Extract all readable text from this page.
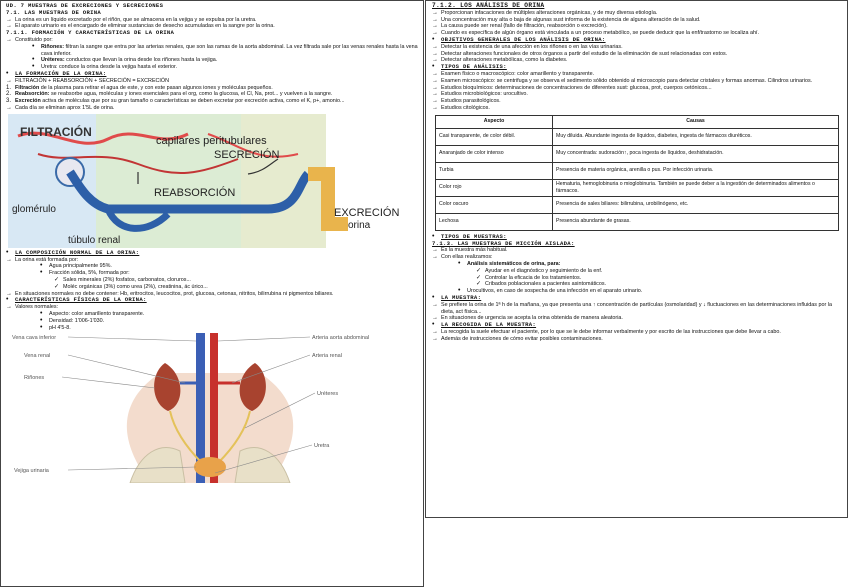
UD. 7 MUESTRAS DE EXCRECIONES Y SECRECIONES
7.1. LAS MUESTRAS DE ORINA
→ La orina es un líquido excretado por el riñón, que se almacena en la vejiga y se expulsa por la uretra.
→ El aparato urinario es el encargado de eliminar sustancias de desecho acumuladas en la sangre por la orina.
7.1.1. FORMACIÓN Y CARACTERÍSTICAS DE LA ORINA
→ Constituido por:
•	Riñones: filtran la sangre que entra por las arterias renales, que son las ramas de la aorta abdominal. La vez filtrada sale por las venas renales hasta la vena cava inferior.
•	Uréteres: conductos que llevan la orina desde los riñones hasta la vejiga.
•	Uretra: conduce la orina desde la vejiga hasta el exterior.
•	LA FORMACIÓN DE LA ORINA:
→ FILTRACIÓN + REABSORCIÓN + SECRECIÓN = EXCRECIÓN
1. Filtración de la plasma para retirar el agua de este, y con este pasan algunos iones y moléculas pequeños.
2. Reabsorción: se reabsorbe agua, moléculas y iones esenciales para el org, como la glucosa, el Cl, Na, prot... y vuelven a la sangre.
3. Excreción activa de moléculas que por su gran tamaño o características se deben excretar por excreción activa, como el K, p+, amonio...
→ Cada día se eliminan aprox 1'5L de orina.
FILTRACIÓN
capilares peritubulares
SECRECIÓN
REABSORCIÓN
glomérulo	EXCRECIÓN
orina
túbulo renal
•	LA COMPOSICIÓN NORMAL DE LA ORINA:
→ La orina está formada por:
•	Agua principalmente 95%.
•	Fracción sólida, 5%, formada por:
✓ Sales minerales (2%) fosfatos, carbonatos, cloruros...
✓ Moléc orgánicas (3%) como urea (2%), creatinina, ác úrico...
→ En situaciones normales no debe contener: Hb, eritrocitos, leucocitos, prot, glucosa, cetonas, nitritos, bilirrubina ni pigmentos biliares.
•	CARACTERÍSTICAS FÍSICAS DE LA ORINA:
→ Valores normales:
•	Aspecto: color amarillento transparente.
•	Densidad: 1'006-1'030.
•	pH 4'5-8.
Vena cava inferior
Vena renal
Riñones
Vejiga urinaria
Arteria aorta abdominal
Arteria renal
Uréteres
Uretra
7.1.2. LOS ANÁLISIS DE ORINA
→ Proporcionan infacaciones de múltiples alteraciones orgánicas, y de muy diversa etiología.
→ Una concentración muy alta o baja de algunas sust informa de la existencia de alguna alteración de la salud.
→ La causa puede ser renal (fallo de filtración, reabsorción o excreción).
→ Cuando es específica de algún órgano está vinculada a un proceso metabólico, se puede deducir que la enf/trastorno se localiza ahí.
•	OBJETIVOS GENERALES DE LOS ANÁLISIS DE ORINA:
→ Detectar la existencia de una afección en los riñones o en las vías urinarias.
→ Detectar alteraciones funcionales de otros órganos a partir del estudio de la eliminación de sust relacionadas con estos.
→ Detectar alteraciones metabólicas, como la diabetes.
•	TIPOS DE ANÁLISIS:
→ Examen físico o macroscópico: color amarillento y transparente.
→ Examen microscópico: se centrifuga y se observa el sedimento sólido obtenido al microscopio para detectar cristales y formas anormas. Cilindros urinarios.
→ Estudios bioquímicos: determinaciones de concentraciones de diferentes sust: glucosa, prot, cuerpos cetónicos...
→ Estudios microbiológicos: urocultivo.
→ Estudios parasitológicos.
→ Estudios citológicos.
Aspecto	Causas
Casi transparente, de color débil.	Muy diluida. Abundante ingesta de líquidos, diabetes, ingesta de fármacos diuréticos.
Anaranjado de color intenso	Muy concentrada: sudoración↑, poca ingesta de líquidos, deshidratación.
Turbia	Presencia de materia orgánica, arenilla o pus. Por infección urinaria.
Color rojo	Hematuria, hemoglobinuria o mioglobinuria. También se puede deber a la ingestión de determinados alimentos o fármacos.
Color oscuro	Presencia de sales biliares: bilirrubina, urobilinógeno, etc.
Lechosa	Presencia abundante de grasas.
•	TIPOS DE MUESTRAS:
7.1.3. LAS MUESTRAS DE MICCIÓN AISLADA:
→ Es la muestra más habitual.
→ Con ellas realizamos:
•	Análisis sistemáticos de orina, para:
✓ Ayudar en el diagnóstico y seguimiento de la enf.
✓ Controlar la eficacia de los tratamientos.
✓ Cribados poblacionales a pacientes asintomáticos.
•	Urocultivos, en caso de sospecha de una infección en el aparato urinario.
•	LA MUESTRA:
→ Se prefiere la orina de 1ª h de la mañana, ya que presenta una ↑ concentración de partículas (osmolaridad) y ↓ fluctuaciones en las determinaciones influidas por la dieta, act física...
→ En situaciones de urgencia se acepta la orina obtenida de manera aleatoria.
•	LA RECOGIDA DE LA MUESTRA:
→ La recogida la suele efectuar el paciente, por lo que se le debe informar verbalmente y por escrito de las instrucciones que debe llevar a cabo.
→ Además de instrucciones de cómo evitar posibles contaminaciones.
